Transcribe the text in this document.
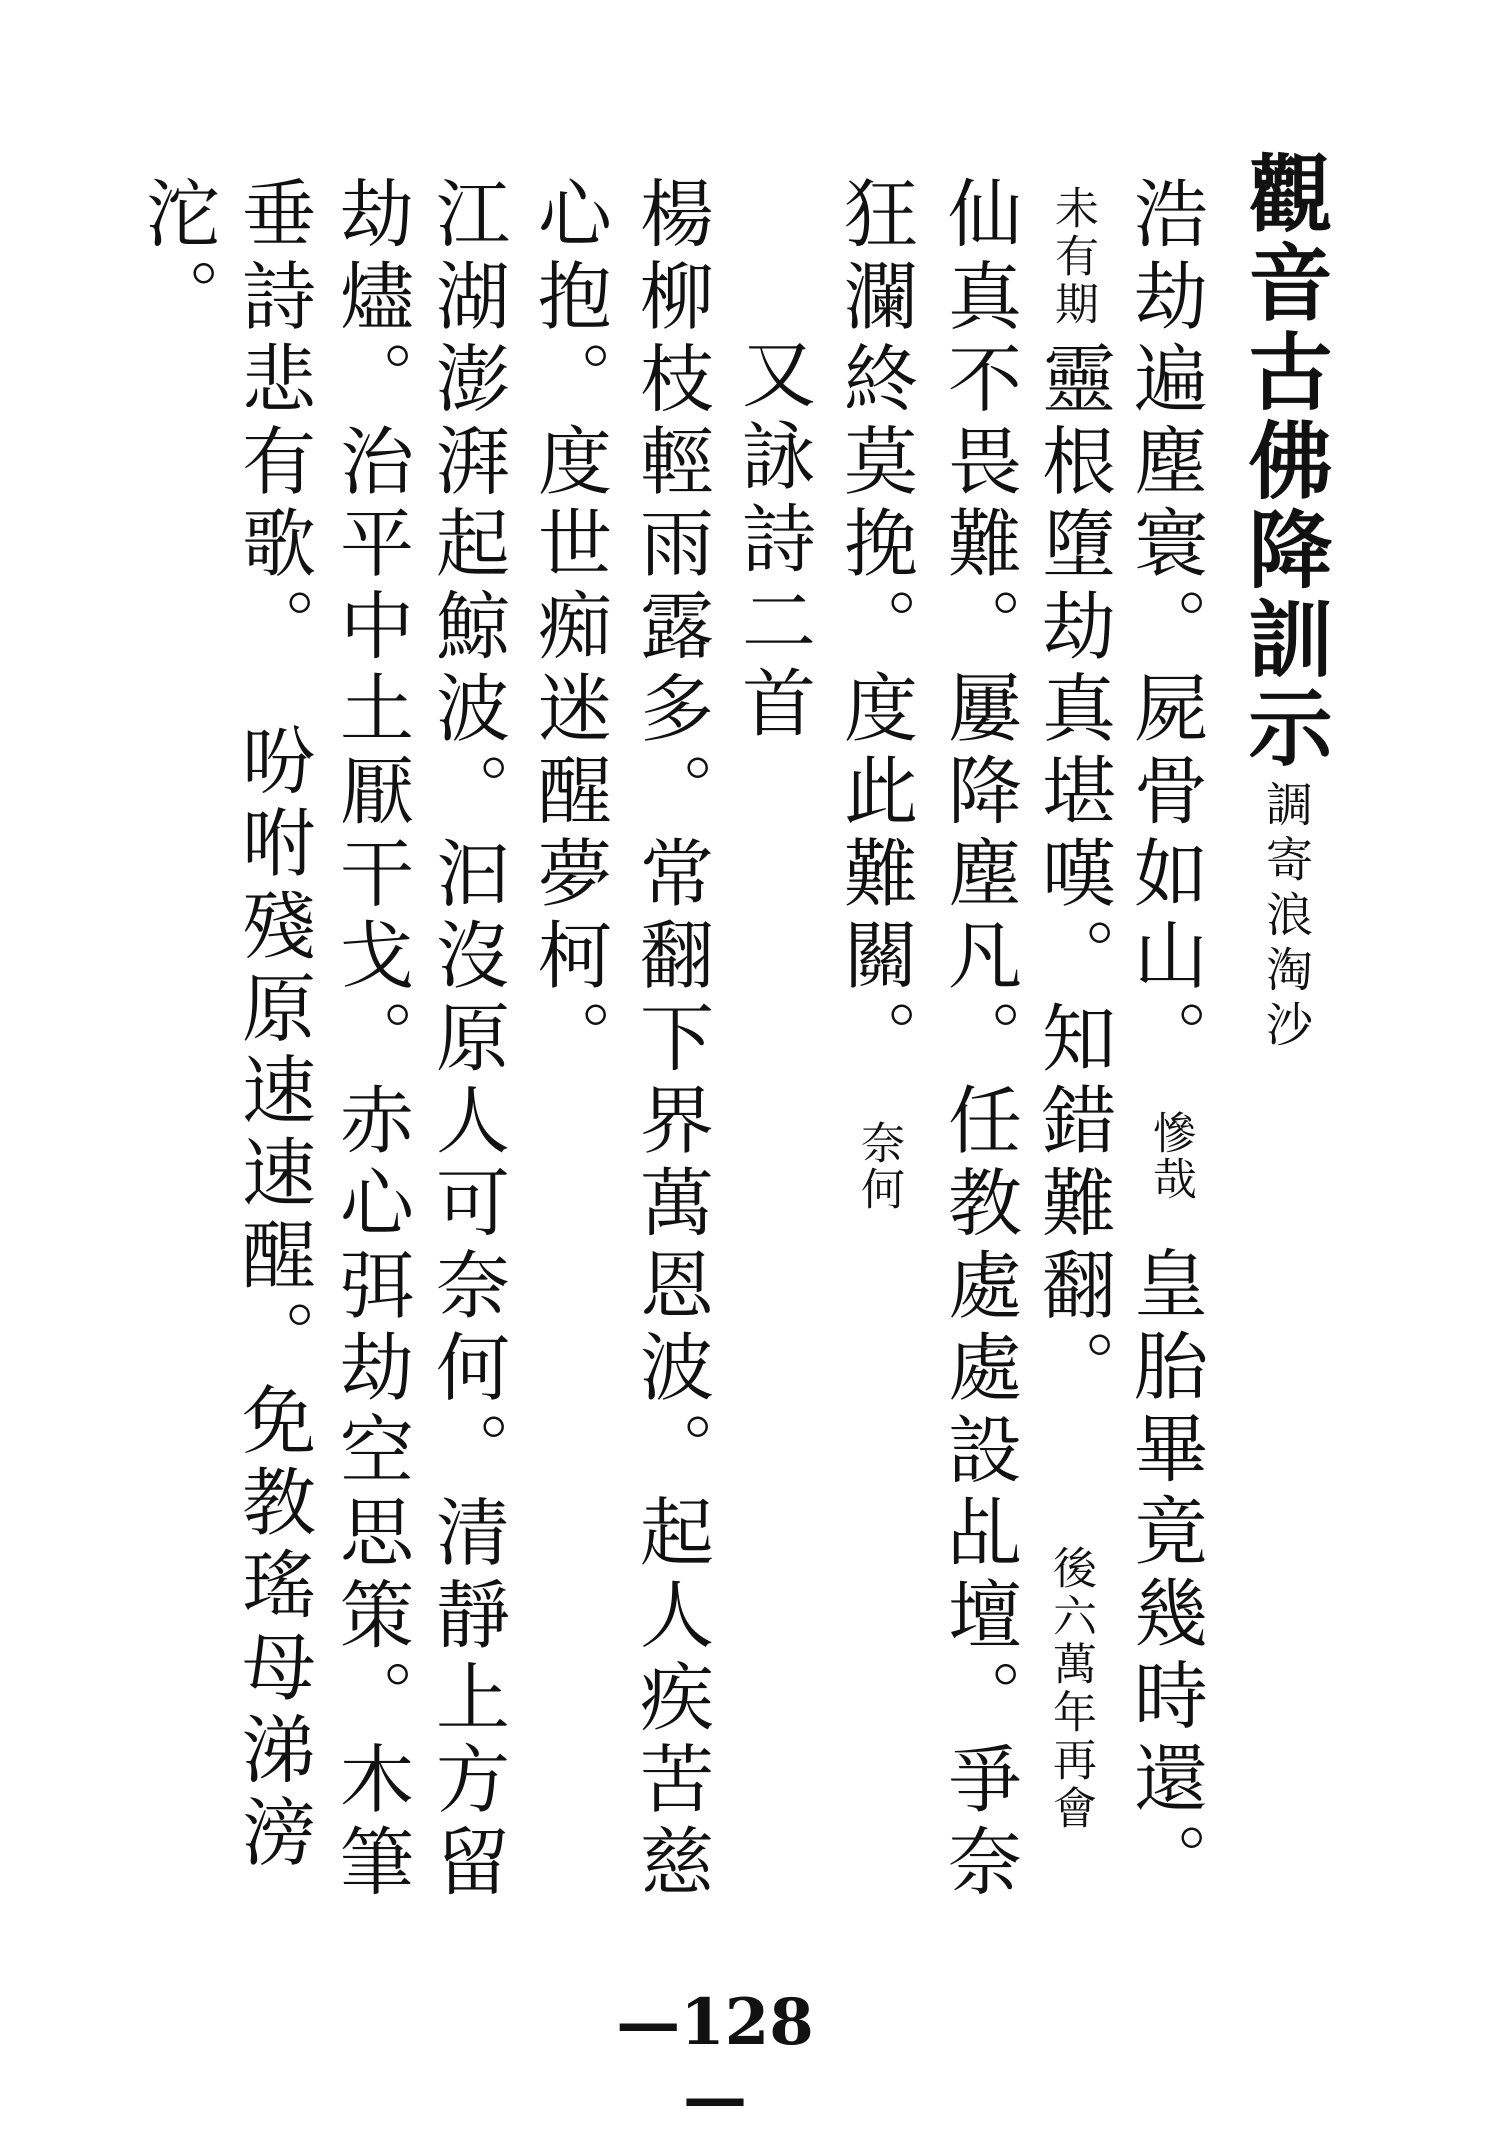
觀音古佛降訓示
調寄浪淘沙
浩劫遍塵寰。屍骨如山。
慘哉
皇胎畢竟幾時還。
未有期
靈根墮劫真堪嘆。知錯難翻。
後六萬年再會
仙真不畏難。屢降塵凡。任教處處設乩壇。爭奈
狂瀾終莫挽。度此難關。
奈何
又詠詩二首
楊柳枝輕雨露多。常翻下界萬恩波。起人疾苦慈
心抱。度世痴迷醒夢柯。
江湖澎湃起鯨波。汩沒原人可奈何。清靜上方留
劫燼。治平中土厭干戈。赤心弭劫空思策。木筆
垂詩悲有歌。
吩咐殘原速速醒。免教瑤母涕滂
沱。
—128—
